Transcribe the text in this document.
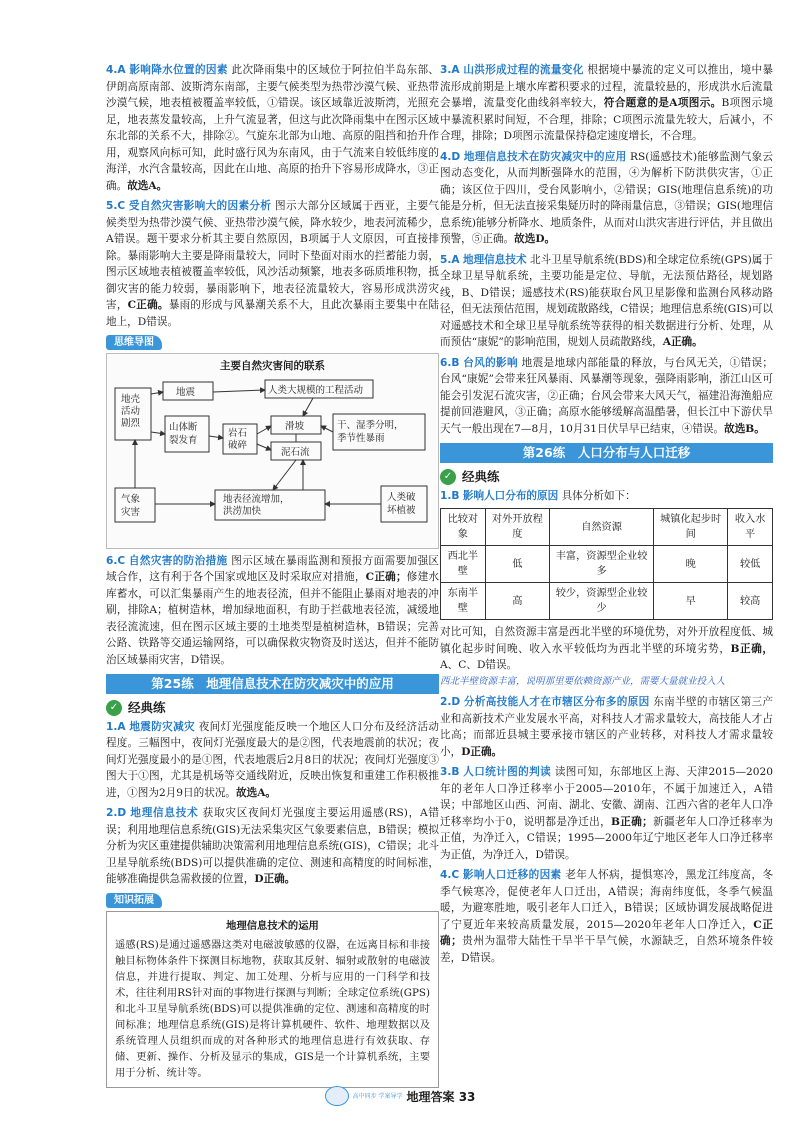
4.A 影响降水位置的因素 此次降雨集中的区域位于阿拉伯半岛东部、伊朗高原南部、波斯湾东南部，主要气候类型为热带沙漠气候、亚热带沙漠气候，地表植被覆盖率较低，①错误。该区域靠近波斯湾，光照充足，地表蒸发量较高，上升气流显著，但这与此次降雨集中在图示区域东北部的关系不大，排除②。气旋东北部为山地、高原的阻挡和抬升作用，观察风向标可知，此时盛行风为东南风，由于气流来自较低纬度的海洋，水汽含量较高，因此在山地、高原的抬升下容易形成降水，③正确。故选A。
5.C 受自然灾害影响大的因素分析 图示大部分区域属于西亚，主要气候类型为热带沙漠气候、亚热带沙漠气候，降水较少，地表河流稀少，A错误。题干要求分析其主要自然原因，B项属于人文原因，可直接排除。暴雨影响大主要是降雨量较大，同时下垫面对雨水的拦蓄能力弱，图示区域地表植被覆盖率较低，风沙活动频繁，地表多砾质堆积物，抵御灾害的能力较弱，暴雨影响下，地表径流量较大，容易形成洪涝灾害，C正确。暴雨的形成与风暴潮关系不大，且此次暴雨主要集中在陆地上，D错误。
思维导图
主要自然灾害间的联系
地壳活动剧烈
地震	人类大规模的工程活动
山体断裂发育
岩石破碎
滑坡
泥石流
干、湿季分明，季节性暴雨
气象灾害
地表径流增加，洪涝加快
人类破坏植被
6.C 自然灾害的防治措施 图示区域在暴雨监测和预报方面需要加强区域合作，这有利于各个国家或地区及时采取应对措施，C正确；修建水库蓄水，可以汇集暴雨产生的地表径流，但并不能阻止暴雨对地表的冲刷，排除A；植树造林，增加绿地面积，有助于拦截地表径流，减缓地表径流流速，但在图示区域主要的土地类型是植树造林，B错误；完善公路、铁路等交通运输网络，可以确保救灾物资及时送达，但并不能防治区域暴雨灾害，D错误。
第25练　地理信息技术在防灾减灾中的应用
✓ 经典练
1.A 地震防灾减灾 夜间灯光强度能反映一个地区人口分布及经济活动程度。三幅图中，夜间灯光强度最大的是②图，代表地震前的状况；夜间灯光强度最小的是①图，代表地震后2月8日的状况；夜间灯光强度③图大于①图，尤其是机场等交通线附近，反映出恢复和重建工作积极推进，①图为2月9日的状况。故选A。
2.D 地理信息技术 获取灾区夜间灯光强度主要运用遥感(RS)，A错误；利用地理信息系统(GIS)无法采集灾区气象要素信息，B错误；模拟分析为灾区重建提供辅助决策需利用地理信息系统(GIS)，C错误；北斗卫星导航系统(BDS)可以提供准确的定位、测速和高精度的时间标准，能够准确提供急需救援的位置，D正确。
知识拓展
地理信息技术的运用
遥感(RS)是通过遥感器这类对电磁波敏感的仪器，在远离目标和非接触目标物体条件下探测目标地物，获取其反射、辐射或散射的电磁波信息，并进行提取、判定、加工处理、分析与应用的一门科学和技术，往往利用RS针对面的事物进行探测与判断；全球定位系统(GPS)和北斗卫星导航系统(BDS)可以提供准确的定位、测速和高精度的时间标准；地理信息系统(GIS)是将计算机硬件、软件、地理数据以及系统管理人员组织而成的对各种形式的地理信息进行有效获取、存储、更新、操作、分析及显示的集成，GIS是一个计算机系统，主要用于分析、统计等。
3.A 山洪形成过程的流量变化 根据境中暴流的定义可以推出，境中暴流形成前期是上壤水库蓄积要求的过程，流量较悬的，形成洪水后流量会暴增，流量变化曲线斜率较大，符合题意的是A项图示。B项图示境中暴流积累时间短，不合理，排除；C项图示流量先较大，后减小，不合理，排除；D项图示流量保持稳定速度增长，不合理。
4.D 地理信息技术在防灾减灾中的应用 RS(遥感技术)能够监测气象云图动态变化，从而判断强降水的范围，④为解析下防洪供灾害，①正确；该区位于四川，受台风影响小，②错误；GIS(地理信息系统)的功能是分析，但无法直接采集疑历时的降雨量信息，③错误；GIS(地理信息系统)能够分析降水、地质条件，从而对山洪灾害进行评估，并且做出预警，⑤正确。故选D。
5.A 地理信息技术 北斗卫星导航系统(BDS)和全球定位系统(GPS)属于全球卫星导航系统，主要功能是定位、导航，无法预估路径，规划路线，B、D错误；遥感技术(RS)能获取台风卫星影像和监测台风移动路径，但无法预估范围，规划疏散路线，C错误；地理信息系统(GIS)可以对遥感技术和全球卫星导航系统等获得的相关数据进行分析、处理，从而预估“康妮”的影响范围，规划人员疏散路线，A正确。
6.B 台风的影响 地震是地球内部能量的释放，与台风无关，①错误；台风“康妮”会带来狂风暴雨、风暴潮等现象，强降雨影响，浙江山区可能会引发泥石流灾害，②正确；台风会带来大风天气，福建沿海渔船应提前回港避风，③正确；高原水能够缓解高温酷暑，但长江中下游伏旱天气一般出现在7—8月，10月31日伏旱早已结束，④错误。故选B。
第26练　人口分布与人口迁移
✓ 经典练
1.B 影响人口分布的原因 具体分析如下：
比较对象	对外开放程度	自然资源	城镇化起步时间	收入水平
西北半壁	低	丰富，资源型企业较多	晚	较低
东南半壁	高	较少，资源型企业较少	早	较高
对比可知，自然资源丰富是西北半壁的环境优势，对外开放程度低、城镇化起步时间晚、收入水平较低均为西北半壁的环境劣势，B正确，A、C、D错误。
西北半壁资源丰富，说明那里要依赖资源产业，需要大量就业投入人
2.D 分析高技能人才在市辖区分布多的原因 东南半壁的市辖区第三产业和高新技术产业发展水平高，对科技人才需求量较大，高技能人才占比高；而部近县城主要承接市辖区的产业转移，对科技人才需求量较小，D正确。
3.B 人口统计图的判读 读图可知，东部地区上海、天津2015—2020年的老年人口净迁移率小于2005—2010年，不属于加速迁入，A错误；中部地区山西、河南、湖北、安徽、湖南、江西六省的老年人口净迁移率均小于0，说明都是净迁出，B正确；新疆老年人口净迁移率为正值，为净迁入，C错误；1995—2000年辽宁地区老年人口净迁移率为正值，为净迁入，D错误。
4.C 影响人口迁移的因素 老年人怀病，提惧寒冷，黑龙江纬度高，冬季气候寒冷，促使老年人口迁出，A错误；海南纬度低，冬季气候温暖，为避寒胜地，吸引老年人口迁入，B错误；区域协调发展战略促进了宁夏近年来较高质量发展，2015—2020年老年人口净迁入，C正确；贵州为温带大陆性干旱半干旱气候，水源缺乏，自然环境条件较差，D错误。
高中同步 学案导学 地理答案 33
